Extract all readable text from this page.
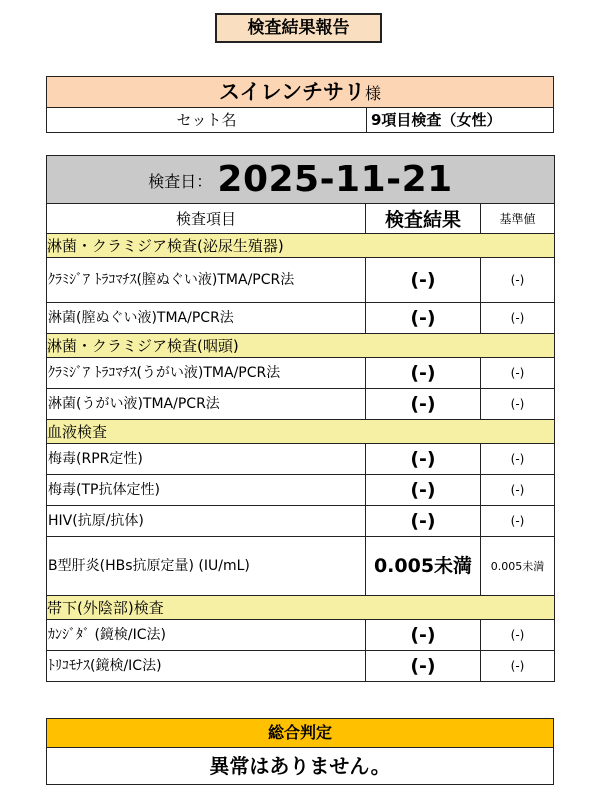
検査結果報告
スイレンチサリ様
セット名	9項目検査（女性）
検査日： 2025-11-21		
検査項目	検査結果	基準値
淋菌・クラミジア検査(泌尿生殖器)		
ｸﾗﾐｼﾞｱ ﾄﾗｺﾏﾁｽ(膣ぬぐい液)TMA/PCR法	(-)	(-)
淋菌(膣ぬぐい液)TMA/PCR法	(-)	(-)
淋菌・クラミジア検査(咽頭)		
ｸﾗﾐｼﾞｱ ﾄﾗｺﾏﾁｽ(うがい液)TMA/PCR法	(-)	(-)
淋菌(うがい液)TMA/PCR法	(-)	(-)
血液検査		
梅毒(RPR定性)	(-)	(-)
梅毒(TP抗体定性)	(-)	(-)
HIV(抗原/抗体)	(-)	(-)
B型肝炎(HBs抗原定量) (IU/mL)	0.005未満	0.005未満
帯下(外陰部)検査		
ｶﾝｼﾞﾀﾞ (鏡検/IC法)	(-)	(-)
ﾄﾘｺﾓﾅｽ(鏡検/IC法)	(-)	(-)
総合判定
異常はありません。
